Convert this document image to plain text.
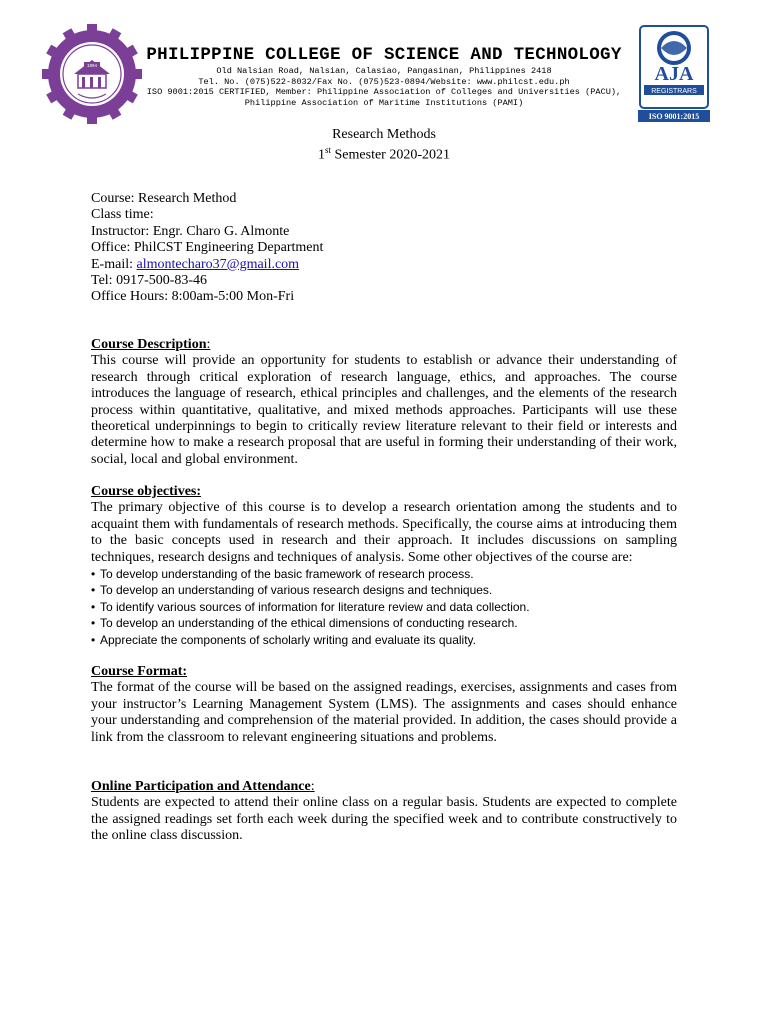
1994
PHILIPPINE COLLEGE OF SCIENCE AND TECHNOLOGY
Old Nalsian Road, Nalsian, Calasiao, Pangasinan, Philippines 2418
Tel. No. (075)522-8032/Fax No. (075)523-0894/Website: www.philcst.edu.ph
ISO 9001:2015 CERTIFIED, Member: Philippine Association of Colleges and Universities (PACU),
Philippine Association of Maritime Institutions (PAMI)
AJA
REGISTRARS
ISO 9001:2015
Research Methods
1st Semester 2020-2021
Course: Research Method
Class time:
Instructor: Engr. Charo G. Almonte
Office: PhilCST Engineering Department
E-mail: almontecharo37@gmail.com
Tel: 0917-500-83-46
Office Hours: 8:00am-5:00 Mon-Fri
Course Description:

This course will provide an opportunity for students to establish or advance their understanding of research through critical exploration of research language, ethics, and approaches. The course introduces the language of research, ethical principles and challenges, and the elements of the research process within quantitative, qualitative, and mixed methods approaches. Participants will use these theoretical underpinnings to begin to critically review literature relevant to their field or interests and determine how to make a research proposal that are useful in forming their understanding of their work, social, local and global environment.

Course objectives:

The primary objective of this course is to develop a research orientation among the students and to acquaint them with fundamentals of research methods. Specifically, the course aims at introducing them to the basic concepts used in research and their approach. It includes discussions on sampling techniques, research designs and techniques of analysis. Some other objectives of the course are:

• To develop understanding of the basic framework of research process.
• To develop an understanding of various research designs and techniques.
• To identify various sources of information for literature review and data collection.
• To develop an understanding of the ethical dimensions of conducting research.
• Appreciate the components of scholarly writing and evaluate its quality.
Course Format:

The format of the course will be based on the assigned readings, exercises, assignments and cases from your instructor’s Learning Management System (LMS). The assignments and cases should enhance your understanding and comprehension of the material provided. In addition, the cases should provide a link from the classroom to relevant engineering situations and problems.

Online Participation and Attendance:

Students are expected to attend their online class on a regular basis. Students are expected to complete the assigned readings set forth each week during the specified week and to contribute constructively to the online class discussion.
